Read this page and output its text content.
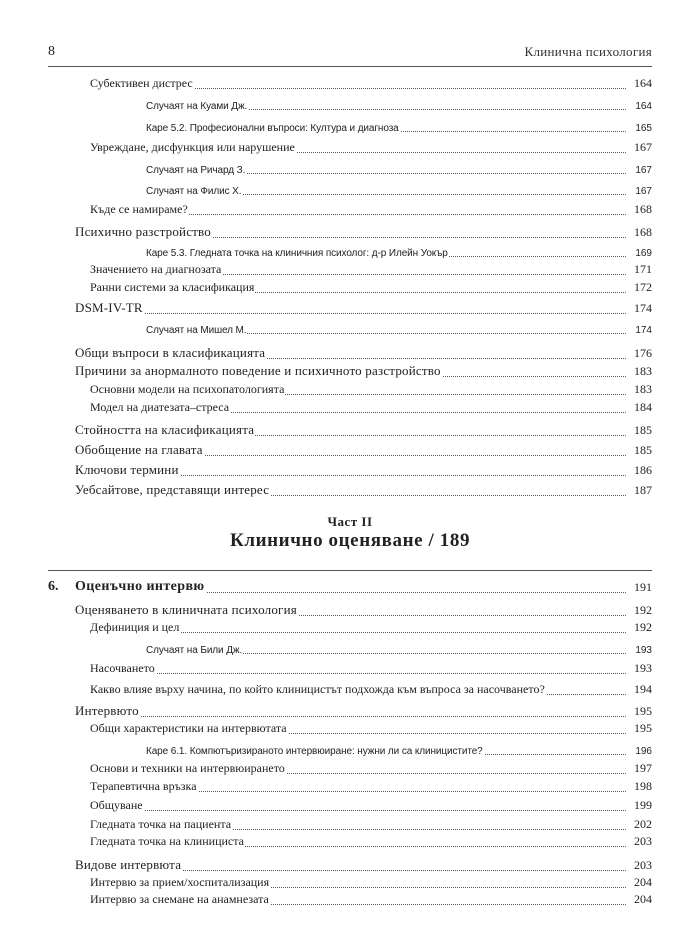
8	Клинична психология
Субективен дистрес	164
Случаят на Куами Дж.	164
Каре 5.2. Професионални въпроси: Култура и диагноза	165
Увреждане, дисфункция или нарушение	167
Случаят на Ричард З.	167
Случаят на Филис Х.	167
Къде се намираме?	168
Психично разстройство	168
Каре 5.3. Гледната точка на клиничния психолог: д-р Илейн Уокър	169
Значението на диагнозата	171
Ранни системи за класификация	172
DSM-IV-TR	174
Случаят на Мишел М.	174
Общи въпроси в класификацията	176
Причини за анормалното поведение и психичното разстройство	183
Основни модели на психопатологията	183
Модел на диатезата–стреса	184
Стойността на класификацията	185
Обобщение на главата	185
Ключови термини	186
Уебсайтове, представящи интерес	187
Част II
Клинично оценяване / 189
6. Оценъчно интервю	191
Оценяването в клиничната психология	192
Дефиниция и цел	192
Случаят на Били Дж.	193
Насочването	193
Какво влияе върху начина, по който клиницистът подхожда към въпроса за насочването?	194
Интервюто	195
Общи характеристики на интервютата	195
Каре 6.1. Компютъризираното интервюиране: нужни ли са клиницистите?	196
Основи и техники на интервюирането	197
Терапевтична връзка	198
Общуване	199
Гледната точка на пациента	202
Гледната точка на клинициста	203
Видове интервюта	203
Интервю за прием/хоспитализация	204
Интервю за снемане на анамнезата	204
